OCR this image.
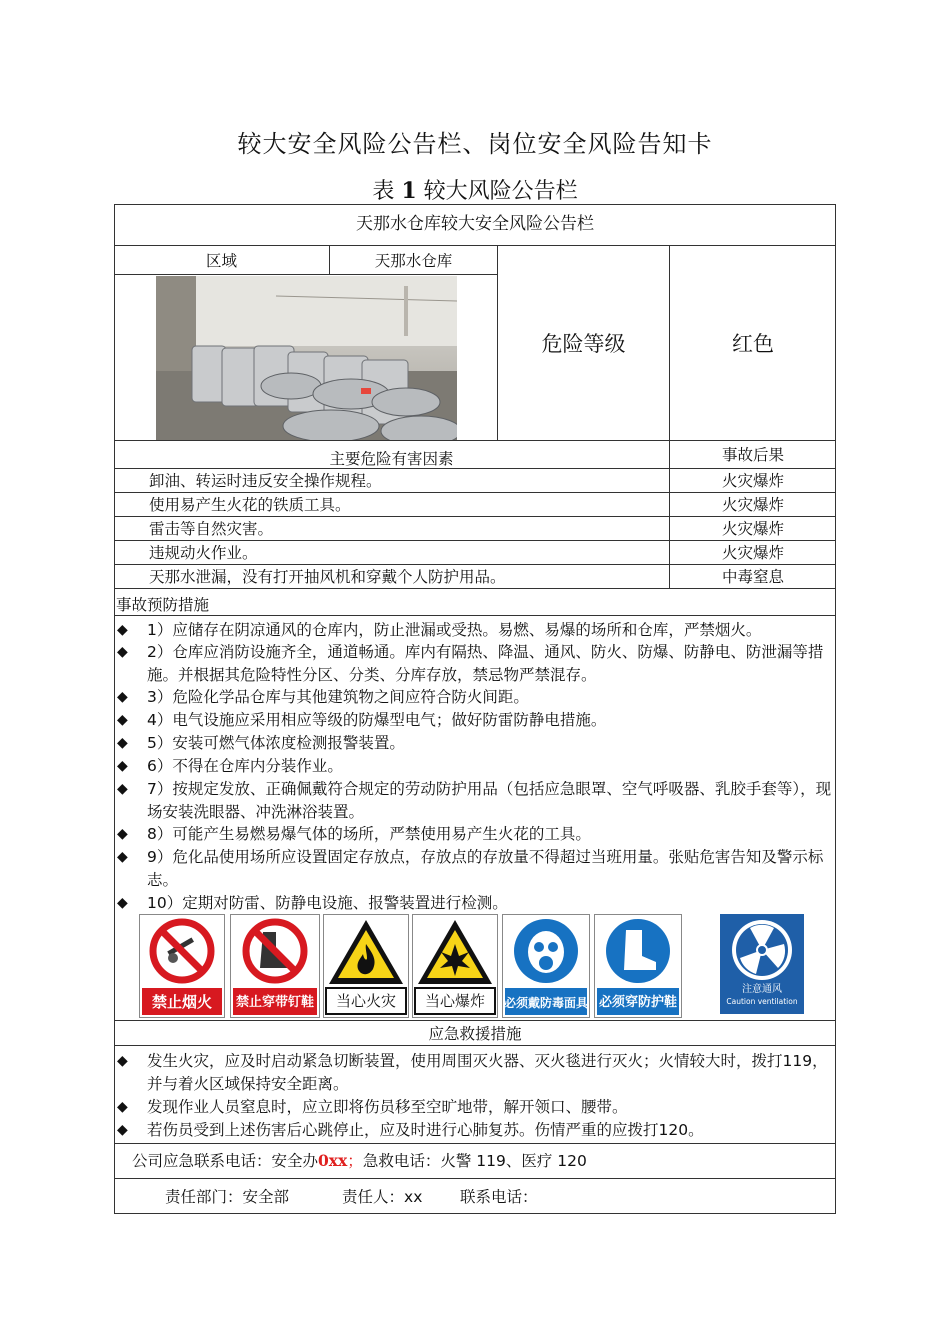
较大安全风险公告栏、岗位安全风险告知卡
表 1 较大风险公告栏
天那水仓库较大安全风险公告栏
区域	天那水仓库
危险等级	红色
主要危险有害因素	事故后果
卸油、转运时违反安全操作规程。	火灾爆炸
使用易产生火花的铁质工具。	火灾爆炸
雷击等自然灾害。	火灾爆炸
违规动火作业。	火灾爆炸
天那水泄漏，没有打开抽风机和穿戴个人防护用品。	中毒窒息
事故预防措施
◆ 1）应储存在阴凉通风的仓库内，防止泄漏或受热。易燃、易爆的场所和仓库，严禁烟火。
◆ 2）仓库应消防设施齐全，通道畅通。库内有隔热、降温、通风、防火、防爆、防静电、防泄漏等措施。并根据其危险特性分区、分类、分库存放，禁忌物严禁混存。
◆ 3）危险化学品仓库与其他建筑物之间应符合防火间距。
◆ 4）电气设施应采用相应等级的防爆型电气；做好防雷防静电措施。
◆ 5）安装可燃气体浓度检测报警装置。
◆ 6）不得在仓库内分装作业。
◆ 7）按规定发放、正确佩戴符合规定的劳动防护用品（包括应急眼罩、空气呼吸器、乳胶手套等），现场安装洗眼器、冲洗淋浴装置。
◆ 8）可能产生易燃易爆气体的场所，严禁使用易产生火花的工具。
◆ 9）危化品使用场所应设置固定存放点，存放点的存放量不得超过当班用量。张贴危害告知及警示标志。
◆ 10）定期对防雷、防静电设施、报警装置进行检测。
禁止烟火	禁止穿带钉鞋	当心火灾	当心爆炸	必须戴防毒面具 必须穿防护鞋
注意通风
Caution ventilation
应急救援措施
◆ 发生火灾，应及时启动紧急切断装置，使用周围灭火器、灭火毯进行灭火；火情较大时，拨打119，并与着火区域保持安全距离。
◆ 发现作业人员窒息时，应立即将伤员移至空旷地带，解开领口、腰带。
◆ 若伤员受到上述伤害后心跳停止，应及时进行心肺复苏。伤情严重的应拨打120。
公司应急联系电话：安全办0xx；急救电话：火警 119、医疗 120
责任部门：安全部	责任人：xx 联系电话：
